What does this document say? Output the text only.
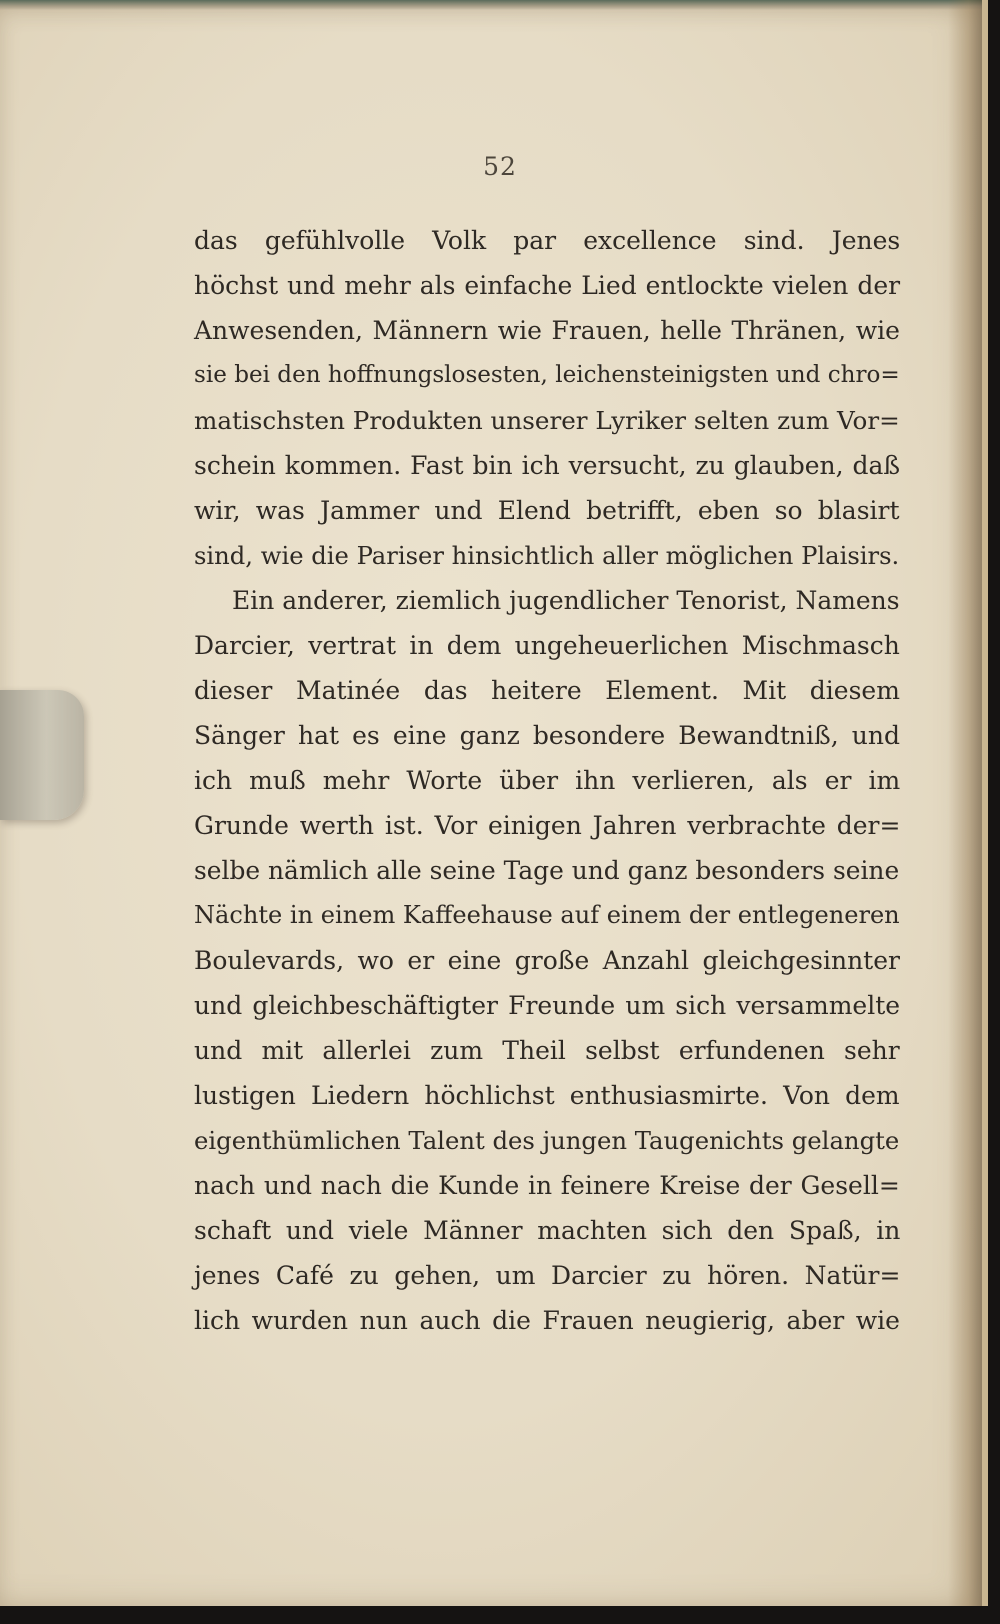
52
das gefühlvolle Volk par excellence sind. Jenes
höchst und mehr als einfache Lied entlockte vielen der
Anwesenden, Männern wie Frauen, helle Thränen, wie
sie bei den hoffnungslosesten, leichensteinigsten und chro=
matischsten Produkten unserer Lyriker selten zum Vor=
schein kommen. Fast bin ich versucht, zu glauben, daß
wir, was Jammer und Elend betrifft, eben so blasirt
sind, wie die Pariser hinsichtlich aller möglichen Plaisirs.
Ein anderer, ziemlich jugendlicher Tenorist, Namens
Darcier, vertrat in dem ungeheuerlichen Mischmasch
dieser Matinée das heitere Element. Mit diesem
Sänger hat es eine ganz besondere Bewandtniß, und
ich muß mehr Worte über ihn verlieren, als er im
Grunde werth ist. Vor einigen Jahren verbrachte der=
selbe nämlich alle seine Tage und ganz besonders seine
Nächte in einem Kaffeehause auf einem der entlegeneren
Boulevards, wo er eine große Anzahl gleichgesinnter
und gleichbeschäftigter Freunde um sich versammelte
und mit allerlei zum Theil selbst erfundenen sehr
lustigen Liedern höchlichst enthusiasmirte. Von dem
eigenthümlichen Talent des jungen Taugenichts gelangte
nach und nach die Kunde in feinere Kreise der Gesell=
schaft und viele Männer machten sich den Spaß, in
jenes Café zu gehen, um Darcier zu hören. Natür=
lich wurden nun auch die Frauen neugierig, aber wie
